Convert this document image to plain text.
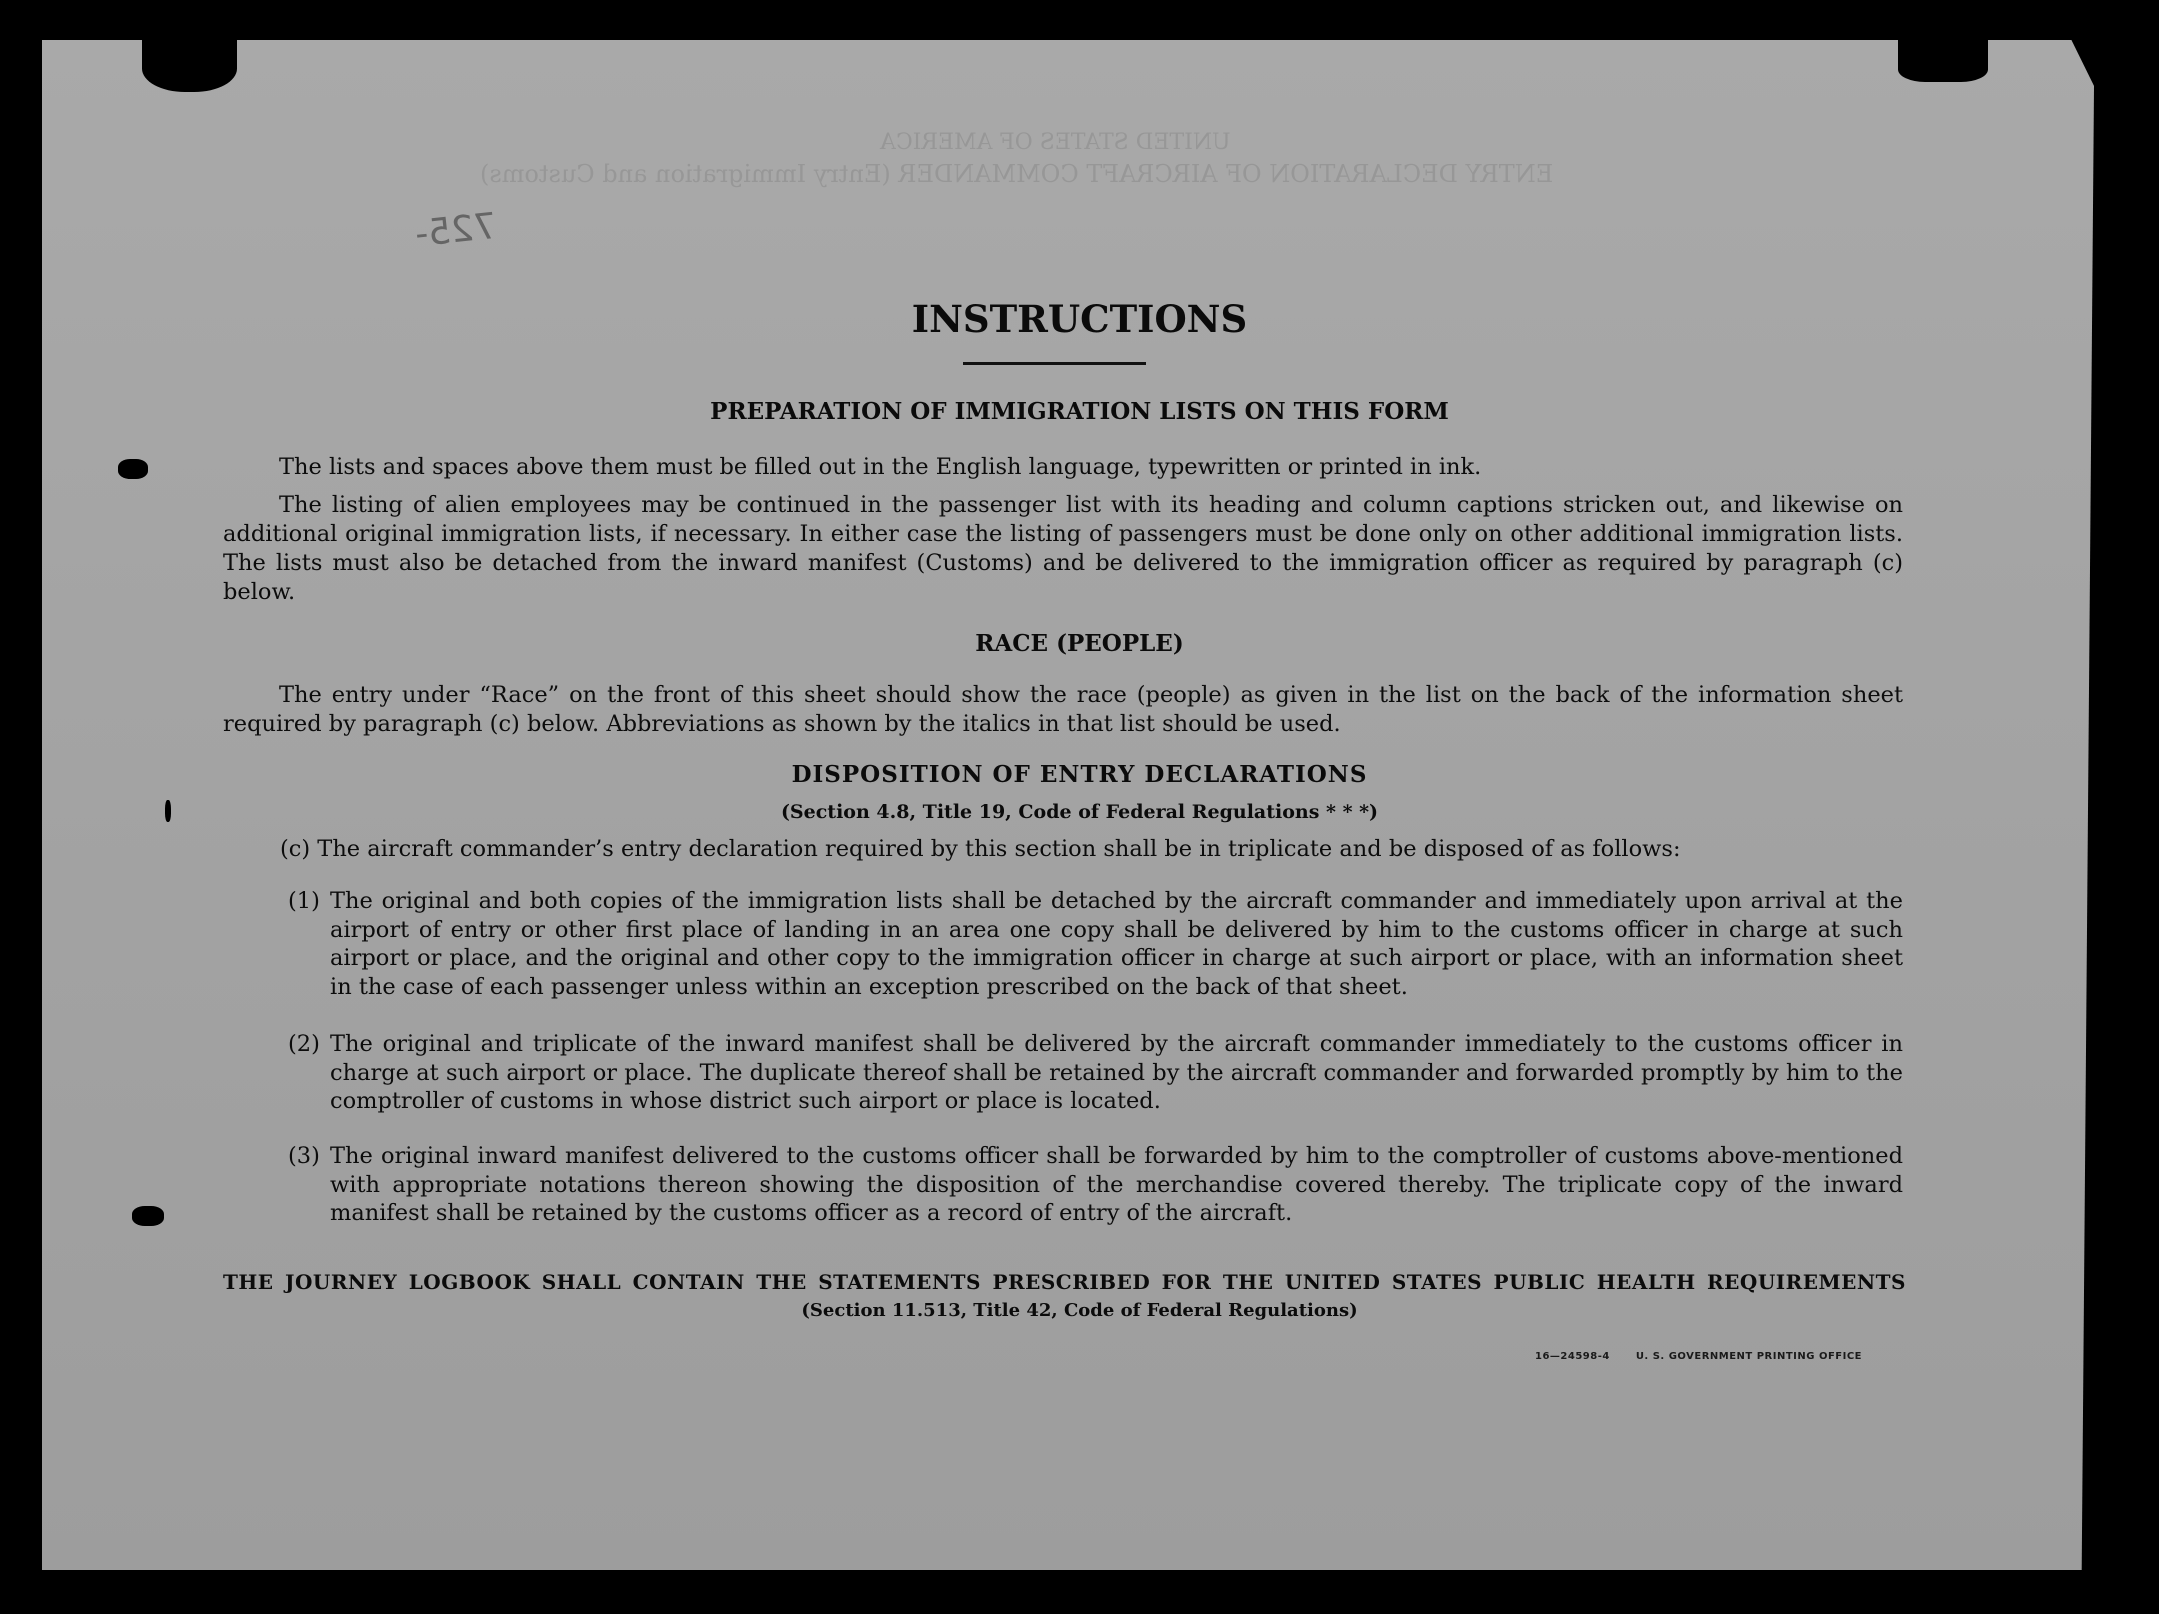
725-
UNITED STATES OF AMERICA
ENTRY DECLARATION OF AIRCRAFT COMMANDER (Entry Immigration and Customs)
INSTRUCTIONS
PREPARATION OF IMMIGRATION LISTS ON THIS FORM
The lists and spaces above them must be filled out in the English language, typewritten or printed in ink.
The listing of alien employees may be continued in the passenger list with its heading and column captions stricken out, and likewise on additional original immigration lists, if necessary. In either case the listing of passengers must be done only on other additional immigration lists. The lists must also be detached from the inward manifest (Customs) and be delivered to the immigration officer as required by paragraph (c) below.
RACE (PEOPLE)
The entry under “Race” on the front of this sheet should show the race (people) as given in the list on the back of the information sheet required by paragraph (c) below. Abbreviations as shown by the italics in that list should be used.
DISPOSITION OF ENTRY DECLARATIONS
(Section 4.8, Title 19, Code of Federal Regulations * * *)
(c) The aircraft commander’s entry declaration required by this section shall be in triplicate and be disposed of as follows:
(1) The original and both copies of the immigration lists shall be detached by the aircraft commander and immediately upon arrival at the airport of entry or other first place of landing in an area one copy shall be delivered by him to the customs officer in charge at such airport or place, and the original and other copy to the immigration officer in charge at such airport or place, with an information sheet in the case of each passenger unless within an exception prescribed on the back of that sheet.
(2) The original and triplicate of the inward manifest shall be delivered by the aircraft commander immediately to the customs officer in charge at such airport or place. The duplicate thereof shall be retained by the aircraft commander and forwarded promptly by him to the comptroller of customs in whose district such airport or place is located.
(3) The original inward manifest delivered to the customs officer shall be forwarded by him to the comptroller of customs above-mentioned with appropriate notations thereon showing the disposition of the merchandise covered thereby. The triplicate copy of the inward manifest shall be retained by the customs officer as a record of entry of the aircraft.
THE JOURNEY LOGBOOK SHALL CONTAIN THE STATEMENTS PRESCRIBED FOR THE UNITED STATES PUBLIC HEALTH REQUIREMENTS
(Section 11.513, Title 42, Code of Federal Regulations)
16—24598-4	U. S. GOVERNMENT PRINTING OFFICE
